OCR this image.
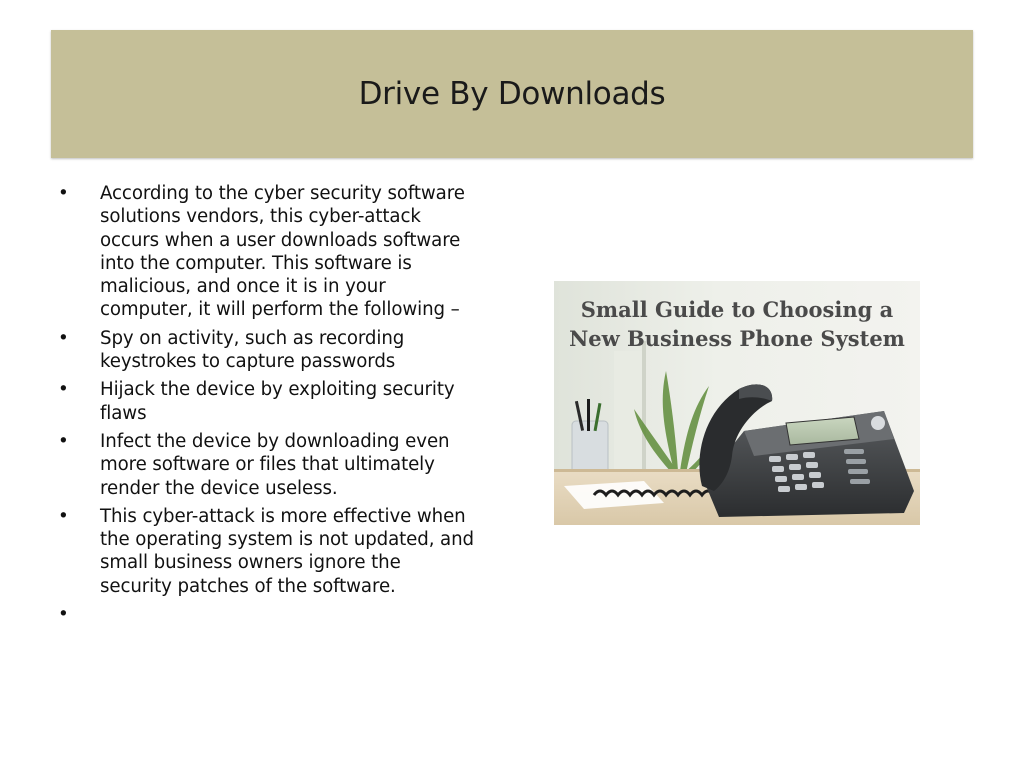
Drive By Downloads
• According to the cyber security software solutions vendors, this cyber-attack occurs when a user downloads software into the computer. This software is malicious, and once it is in your computer, it will perform the following –
• Spy on activity, such as recording keystrokes to capture passwords
• Hijack the device by exploiting security flaws
• Infect the device by downloading even more software or files that ultimately render the device useless.
• This cyber-attack is more effective when the operating system is not updated, and small business owners ignore the security patches of the software.
•
Small Guide to Choosing a
New Business Phone System
